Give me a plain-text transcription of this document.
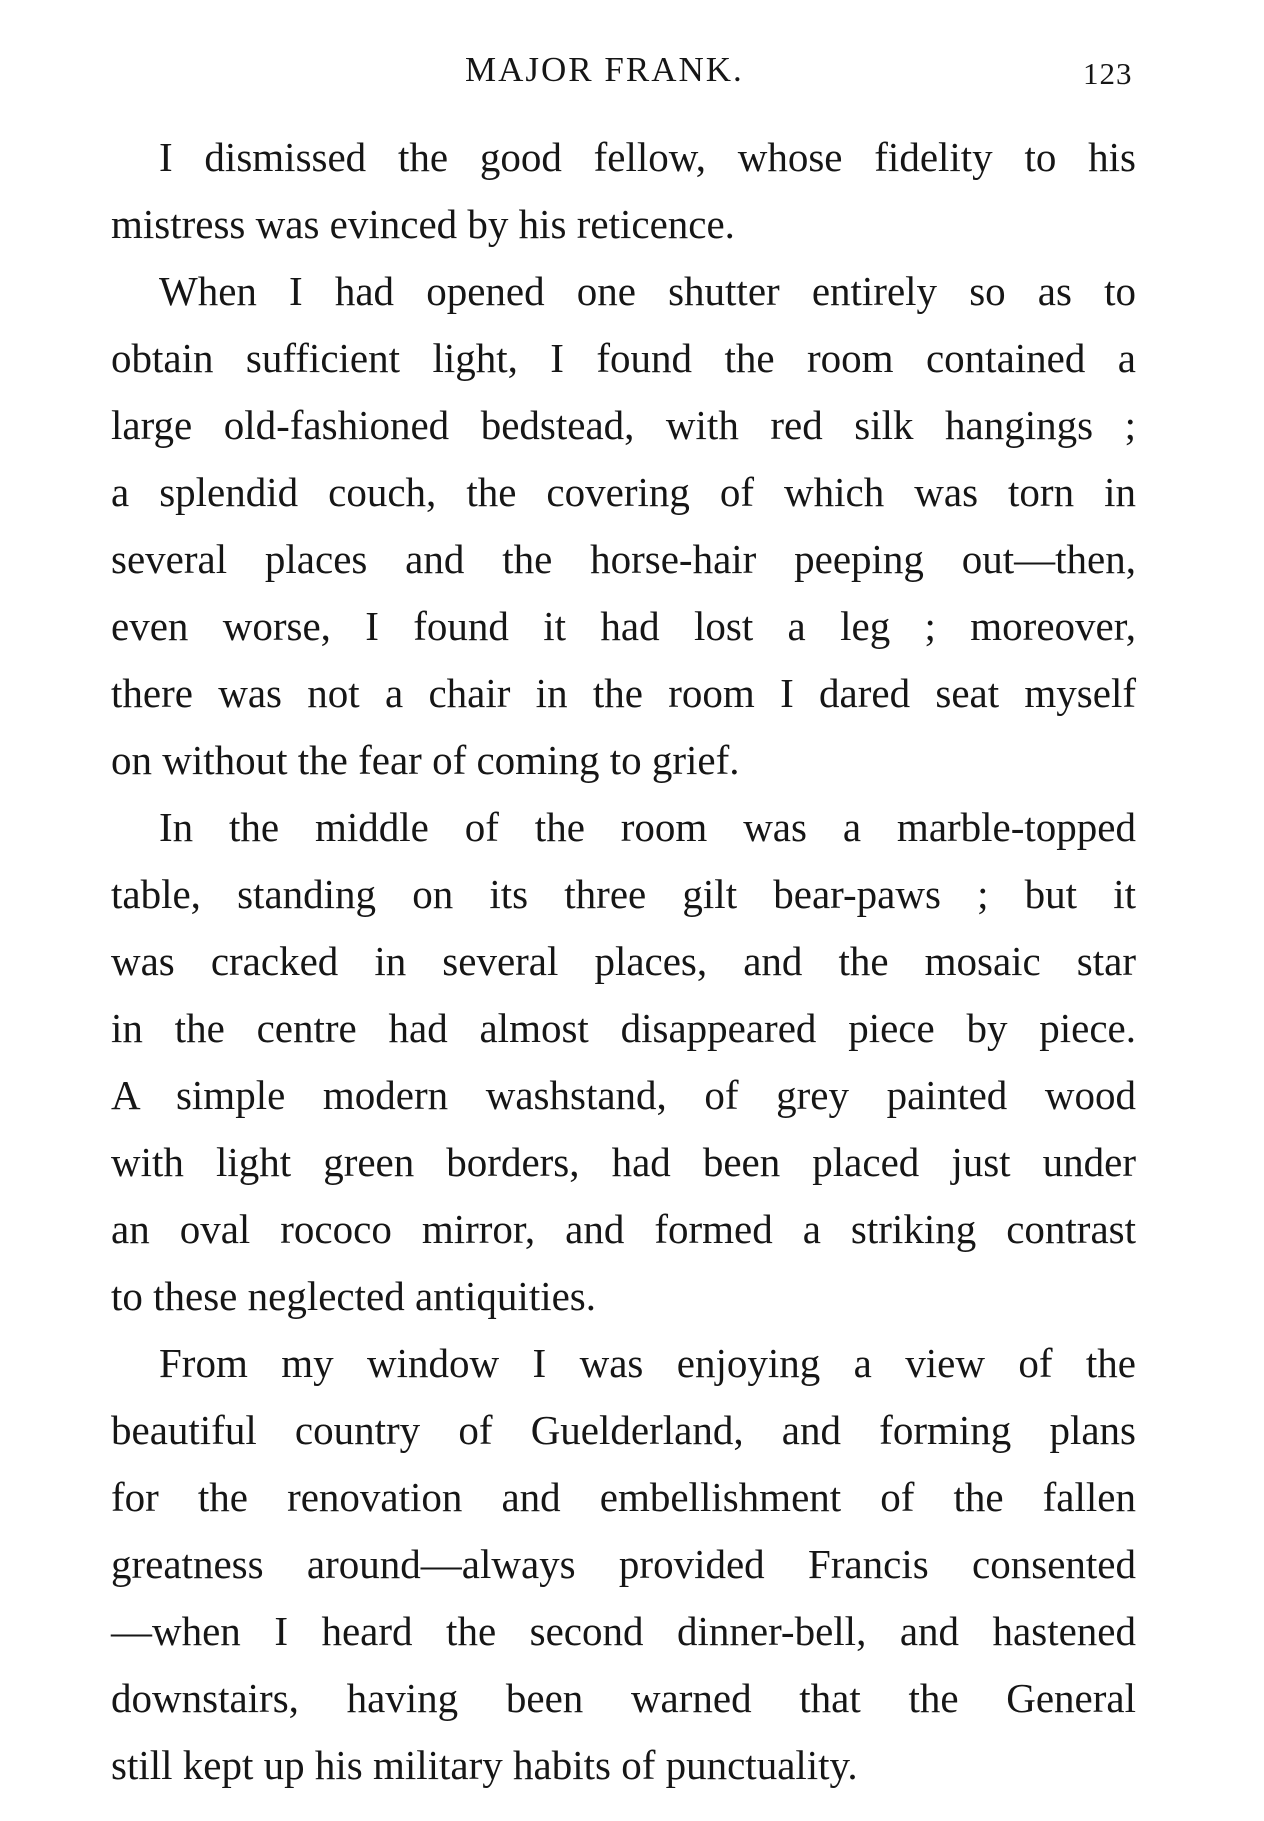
MAJOR FRANK.	123

I dismissed the good fellow, whose fidelity to his
mistress was evinced by his reticence.

When I had opened one shutter entirely so as to
obtain sufficient light, I found the room contained a
large old-fashioned bedstead, with red silk hangings ;
a splendid couch, the covering of which was torn in
several places and the horse-hair peeping out—then,
even worse, I found it had lost a leg ; moreover,
there was not a chair in the room I dared seat myself
on without the fear of coming to grief.

In the middle of the room was a marble-topped
table, standing on its three gilt bear-paws ; but it
was cracked in several places, and the mosaic star
in the centre had almost disappeared piece by piece.
A simple modern washstand, of grey painted wood
with light green borders, had been placed just under
an oval rococo mirror, and formed a striking contrast
to these neglected antiquities.

From my window I was enjoying a view of the
beautiful country of Guelderland, and forming plans
for the renovation and embellishment of the fallen
greatness around—always provided Francis consented
—when I heard the second dinner-bell, and hastened
downstairs, having been warned that the General
still kept up his military habits of punctuality.
